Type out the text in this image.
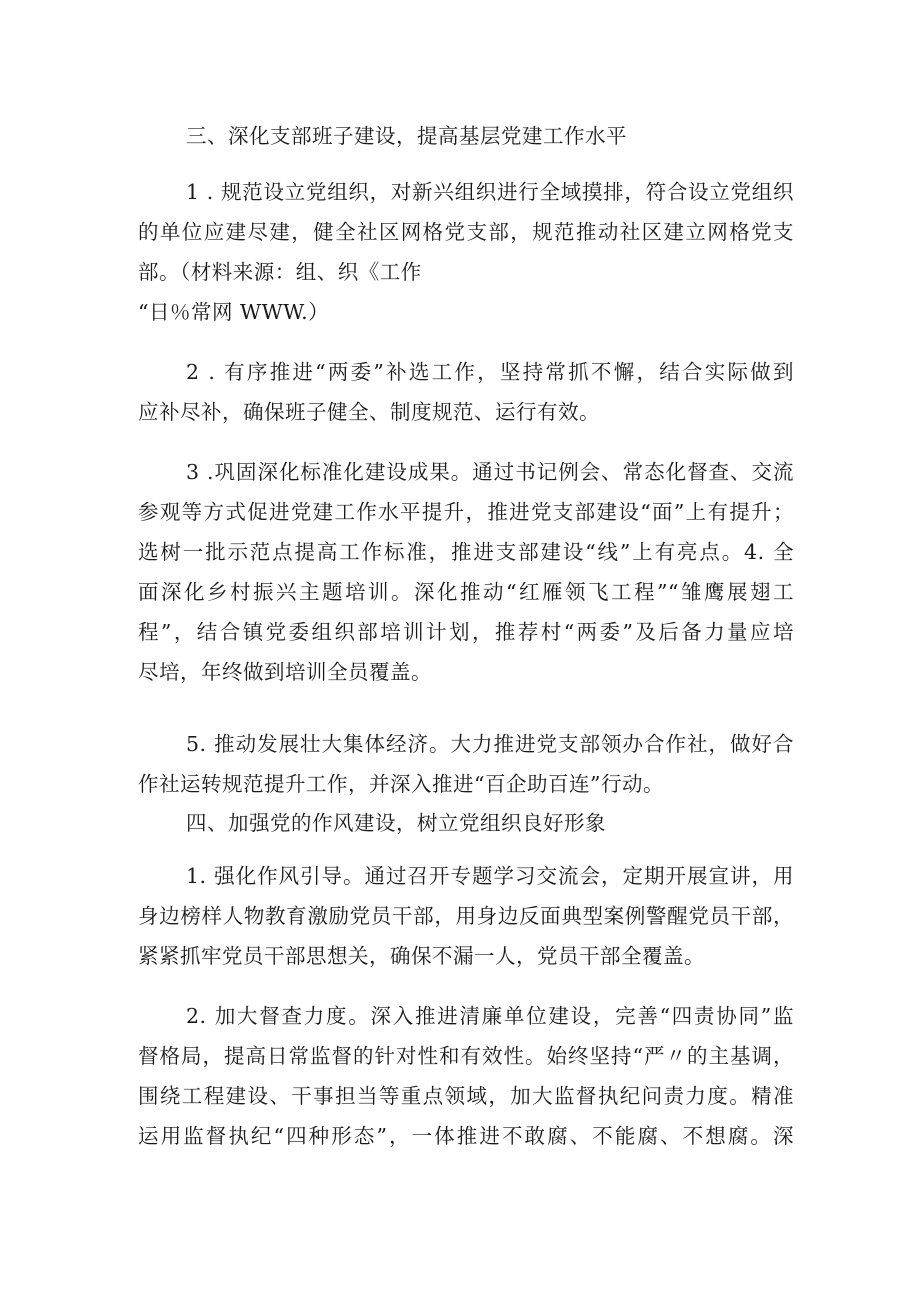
三、深化支部班子建设，提高基层党建工作水平

1 . 规范设立党组织，对新兴组织进行全域摸排，符合设立党组织
的单位应建尽建，健全社区网格党支部，规范推动社区建立网格党支
部。（材料来源：组、织《工作
“日％常网 WWW.）

2 . 有序推进“两委”补选工作，坚持常抓不懈，结合实际做到
应补尽补，确保班子健全、制度规范、运行有效。

3 .巩固深化标准化建设成果。通过书记例会、常态化督查、交流
参观等方式促进党建工作水平提升，推进党支部建设“面”上有提升；
选树一批示范点提高工作标准，推进支部建设“线”上有亮点。4. 全
面深化乡村振兴主题培训。深化推动“红雁领飞工程”“雏鹰展翅工
程”，结合镇党委组织部培训计划，推荐村“两委”及后备力量应培
尽培，年终做到培训全员覆盖。

5. 推动发展壮大集体经济。大力推进党支部领办合作社，做好合
作社运转规范提升工作，并深入推进“百企助百连”行动。

四、加强党的作风建设，树立党组织良好形象

1. 强化作风引导。通过召开专题学习交流会，定期开展宣讲，用
身边榜样人物教育激励党员干部，用身边反面典型案例警醒党员干部，
紧紧抓牢党员干部思想关，确保不漏一人，党员干部全覆盖。

2. 加大督查力度。深入推进清廉单位建设，完善“四责协同”监
督格局，提高日常监督的针对性和有效性。始终坚持“严〃的主基调，
围绕工程建设、干事担当等重点领域，加大监督执纪问责力度。精准
运用监督执纪“四种形态”，一体推进不敢腐、不能腐、不想腐。深
